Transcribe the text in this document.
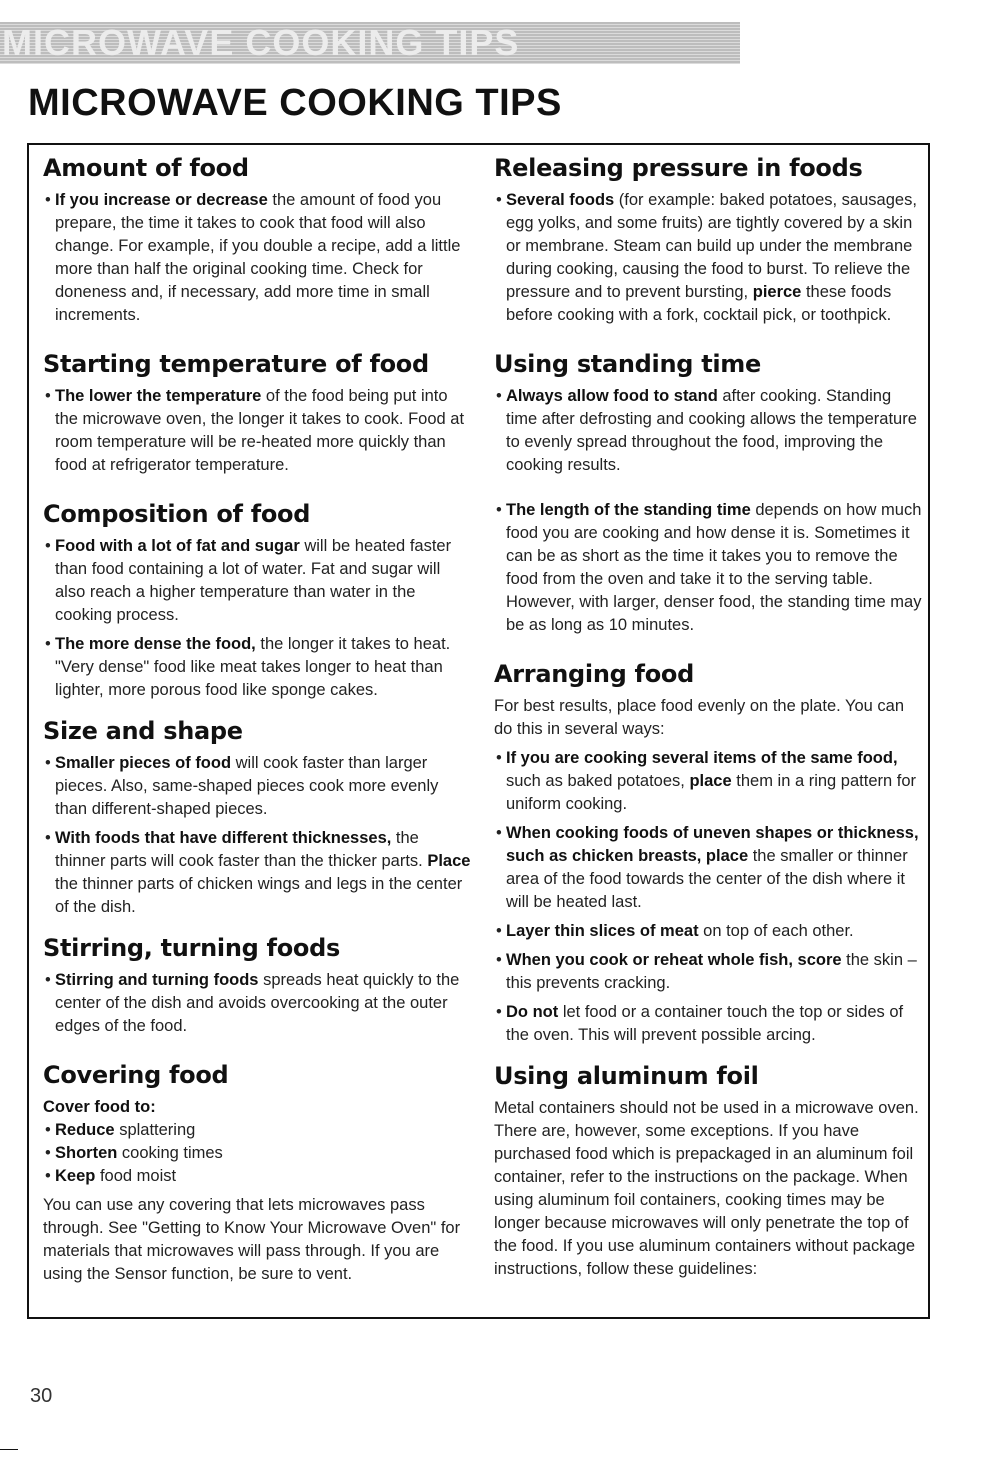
MICROWAVE COOKING TIPS
MICROWAVE COOKING TIPS
Amount of food

• If you increase or decrease the amount of food you prepare, the time it takes to cook that food will also change. For example, if you double a recipe, add a little more than half the original cooking time. Check for doneness and, if necessary, add more time in small increments.

Starting temperature of food

• The lower the temperature of the food being put into the microwave oven, the longer it takes to cook. Food at room temperature will be re-heated more quickly than food at refrigerator temperature.

Composition of food

• Food with a lot of fat and sugar will be heated faster than food containing a lot of water. Fat and sugar will also reach a higher temperature than water in the cooking process.

• The more dense the food, the longer it takes to heat. "Very dense" food like meat takes longer to heat than lighter, more porous food like sponge cakes.

Size and shape

• Smaller pieces of food will cook faster than larger pieces. Also, same-shaped pieces cook more evenly than different-shaped pieces.

• With foods that have different thicknesses, the thinner parts will cook faster than the thicker parts. Place the thinner parts of chicken wings and legs in the center of the dish.

Stirring, turning foods

• Stirring and turning foods spreads heat quickly to the center of the dish and avoids overcooking at the outer edges of the food.

Covering food

Cover food to:

• Reduce splattering

• Shorten cooking times

• Keep food moist

You can use any covering that lets microwaves pass through. See "Getting to Know Your Microwave Oven" for materials that microwaves will pass through. If you are using the Sensor function, be sure to vent.

Releasing pressure in foods

• Several foods (for example: baked potatoes, sausages, egg yolks, and some fruits) are tightly covered by a skin or membrane. Steam can build up under the membrane during cooking, causing the food to burst. To relieve the pressure and to prevent bursting, pierce these foods before cooking with a fork, cocktail pick, or toothpick.

Using standing time

• Always allow food to stand after cooking. Standing time after defrosting and cooking allows the temperature to evenly spread throughout the food, improving the cooking results.

• The length of the standing time depends on how much food you are cooking and how dense it is. Sometimes it can be as short as the time it takes you to remove the food from the oven and take it to the serving table. However, with larger, denser food, the standing time may be as long as 10 minutes.

Arranging food

For best results, place food evenly on the plate. You can do this in several ways:

• If you are cooking several items of the same food, such as baked potatoes, place them in a ring pattern for uniform cooking.

• When cooking foods of uneven shapes or thickness, such as chicken breasts, place the smaller or thinner area of the food towards the center of the dish where it will be heated last.

• Layer thin slices of meat on top of each other.

• When you cook or reheat whole fish, score the skin – this prevents cracking.

• Do not let food or a container touch the top or sides of the oven. This will prevent possible arcing.

Using aluminum foil

Metal containers should not be used in a microwave oven. There are, however, some exceptions. If you have purchased food which is prepackaged in an aluminum foil container, refer to the instructions on the package. When using aluminum foil containers, cooking times may be longer because microwaves will only penetrate the top of the food. If you use aluminum containers without package instructions, follow these guidelines:

30
